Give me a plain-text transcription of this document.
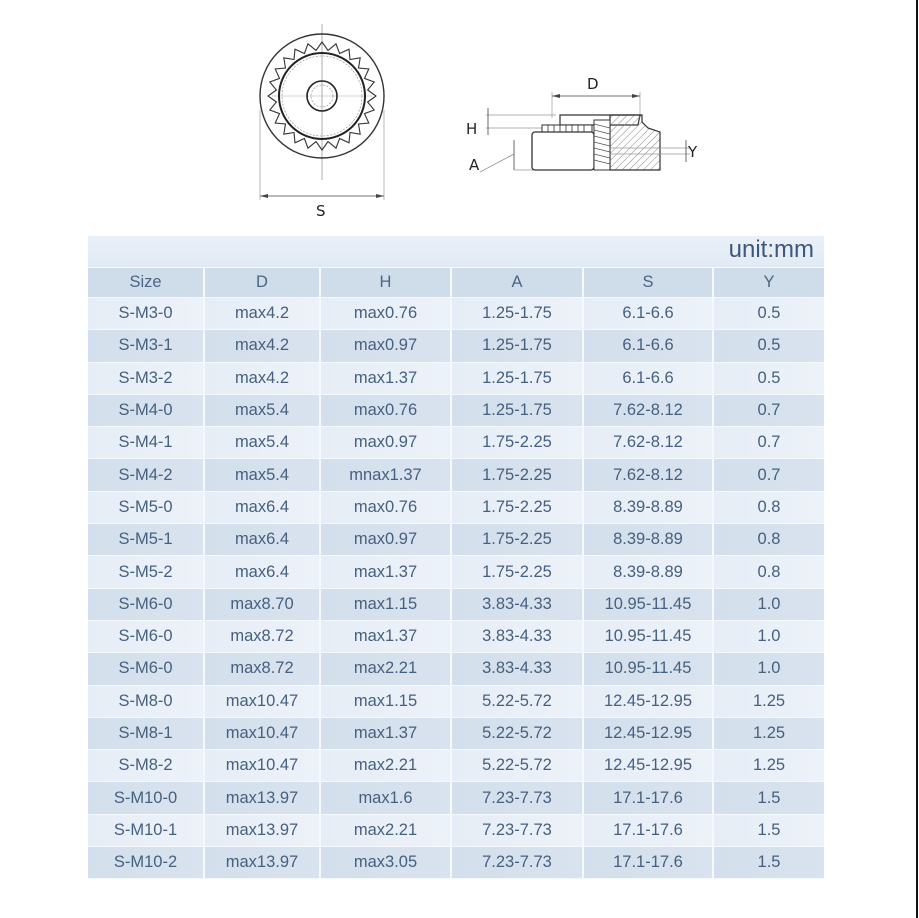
S
D
H
A
Y
unit:mm
Size	D	H	A	S	Y
S-M3-0	max4.2	max0.76	1.25-1.75	6.1-6.6	0.5
S-M3-1	max4.2	max0.97	1.25-1.75	6.1-6.6	0.5
S-M3-2	max4.2	max1.37	1.25-1.75	6.1-6.6	0.5
S-M4-0	max5.4	max0.76	1.25-1.75	7.62-8.12	0.7
S-M4-1	max5.4	max0.97	1.75-2.25	7.62-8.12	0.7
S-M4-2	max5.4	mnax1.37	1.75-2.25	7.62-8.12	0.7
S-M5-0	max6.4	max0.76	1.75-2.25	8.39-8.89	0.8
S-M5-1	max6.4	max0.97	1.75-2.25	8.39-8.89	0.8
S-M5-2	max6.4	max1.37	1.75-2.25	8.39-8.89	0.8
S-M6-0	max8.70	max1.15	3.83-4.33	10.95-11.45	1.0
S-M6-0	max8.72	max1.37	3.83-4.33	10.95-11.45	1.0
S-M6-0	max8.72	max2.21	3.83-4.33	10.95-11.45	1.0
S-M8-0	max10.47	max1.15	5.22-5.72	12.45-12.95	1.25
S-M8-1	max10.47	max1.37	5.22-5.72	12.45-12.95	1.25
S-M8-2	max10.47	max2.21	5.22-5.72	12.45-12.95	1.25
S-M10-0	max13.97	max1.6	7.23-7.73	17.1-17.6	1.5
S-M10-1	max13.97	max2.21	7.23-7.73	17.1-17.6	1.5
S-M10-2	max13.97	max3.05	7.23-7.73	17.1-17.6	1.5
